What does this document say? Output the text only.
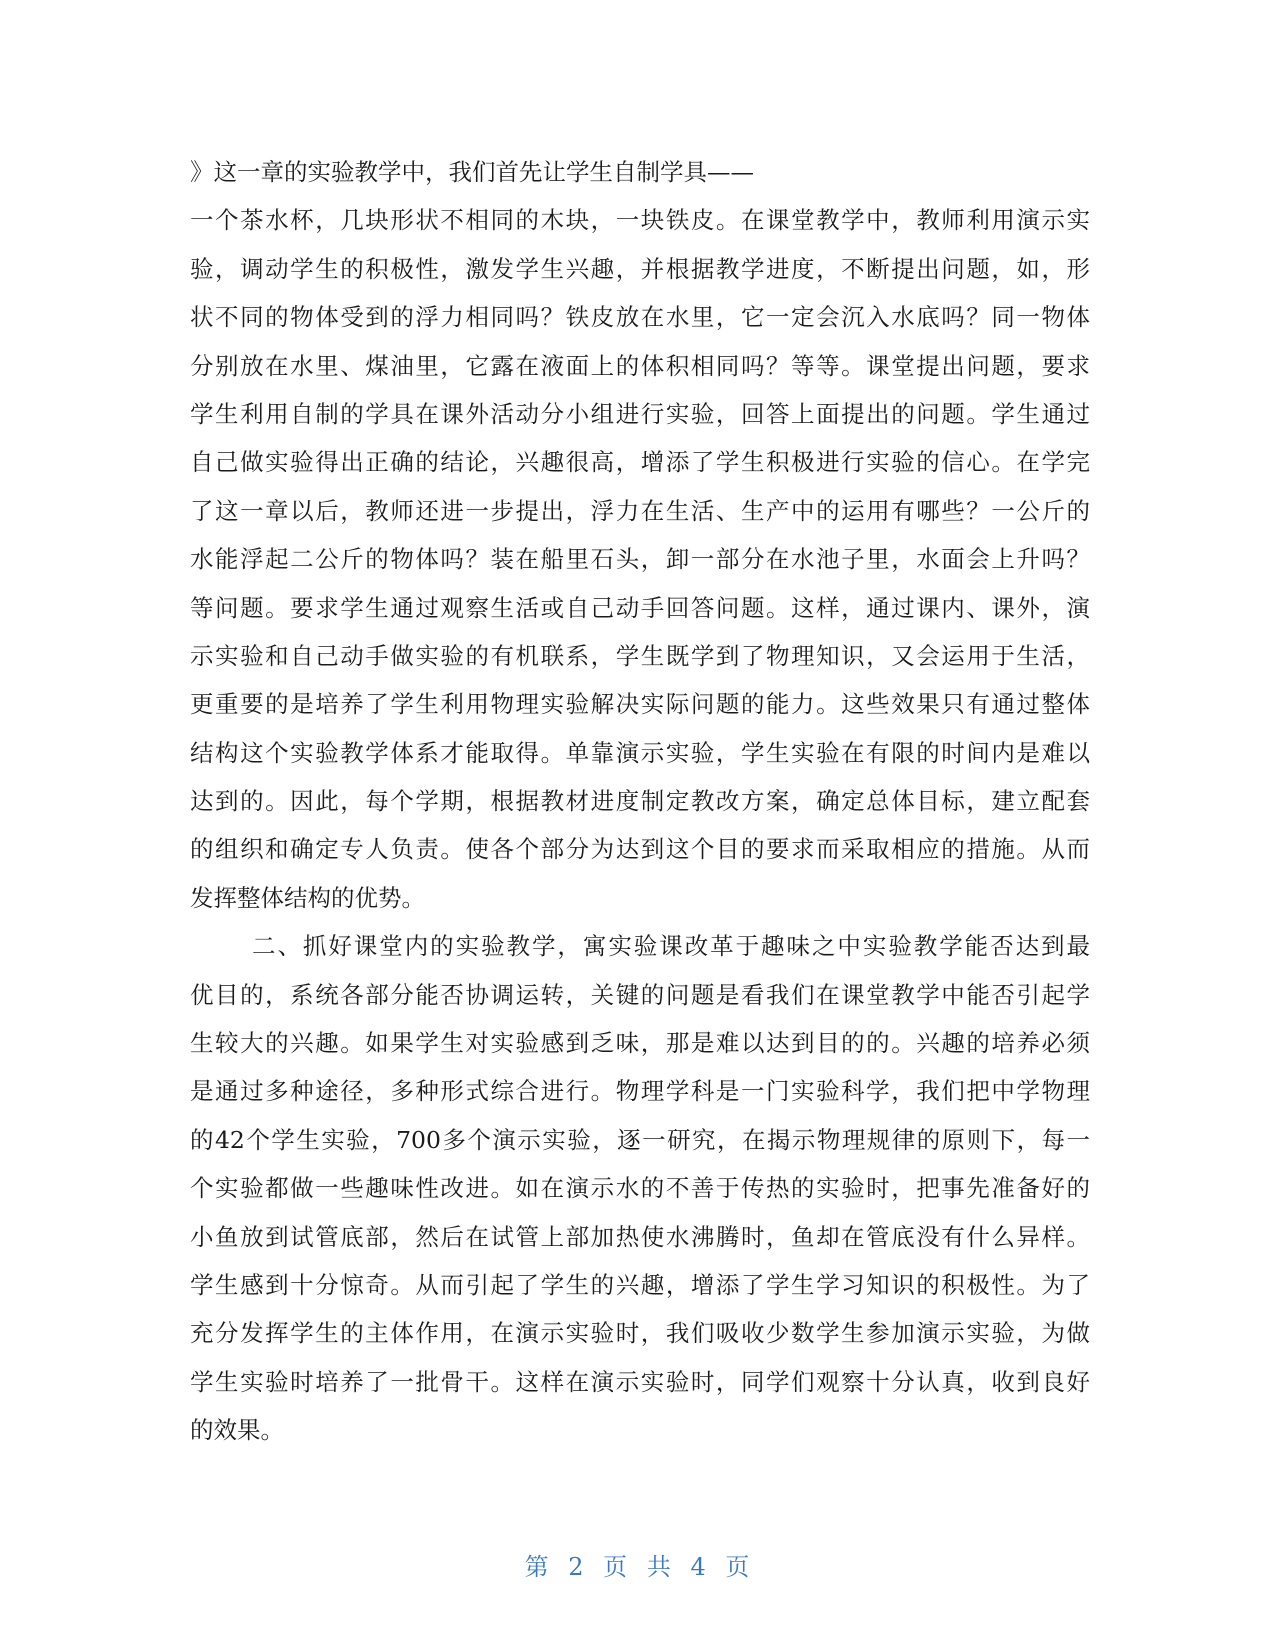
》这一章的实验教学中，我们首先让学生自制学具——
一个茶水杯，几块形状不相同的木块，一块铁皮。在课堂教学中，教师利用演示实
验，调动学生的积极性，激发学生兴趣，并根据教学进度，不断提出问题，如，形
状不同的物体受到的浮力相同吗？铁皮放在水里，它一定会沉入水底吗？同一物体
分别放在水里、煤油里，它露在液面上的体积相同吗？等等。课堂提出问题，要求
学生利用自制的学具在课外活动分小组进行实验，回答上面提出的问题。学生通过
自己做实验得出正确的结论，兴趣很高，增添了学生积极进行实验的信心。在学完
了这一章以后，教师还进一步提出，浮力在生活、生产中的运用有哪些？一公斤的
水能浮起二公斤的物体吗？装在船里石头，卸一部分在水池子里，水面会上升吗？
等问题。要求学生通过观察生活或自己动手回答问题。这样，通过课内、课外，演
示实验和自己动手做实验的有机联系，学生既学到了物理知识，又会运用于生活，
更重要的是培养了学生利用物理实验解决实际问题的能力。这些效果只有通过整体
结构这个实验教学体系才能取得。单靠演示实验，学生实验在有限的时间内是难以
达到的。因此，每个学期，根据教材进度制定教改方案，确定总体目标，建立配套
的组织和确定专人负责。使各个部分为达到这个目的要求而采取相应的措施。从而
发挥整体结构的优势。
二、抓好课堂内的实验教学，寓实验课改革于趣味之中实验教学能否达到最
优目的，系统各部分能否协调运转，关键的问题是看我们在课堂教学中能否引起学
生较大的兴趣。如果学生对实验感到乏味，那是难以达到目的的。兴趣的培养必须
是通过多种途径，多种形式综合进行。物理学科是一门实验科学，我们把中学物理
的42个学生实验，700多个演示实验，逐一研究，在揭示物理规律的原则下，每一
个实验都做一些趣味性改进。如在演示水的不善于传热的实验时，把事先准备好的
小鱼放到试管底部，然后在试管上部加热使水沸腾时，鱼却在管底没有什么异样。
学生感到十分惊奇。从而引起了学生的兴趣，增添了学生学习知识的积极性。为了
充分发挥学生的主体作用，在演示实验时，我们吸收少数学生参加演示实验，为做
学生实验时培养了一批骨干。这样在演示实验时，同学们观察十分认真，收到良好
的效果。
第 2 页 共 4 页
